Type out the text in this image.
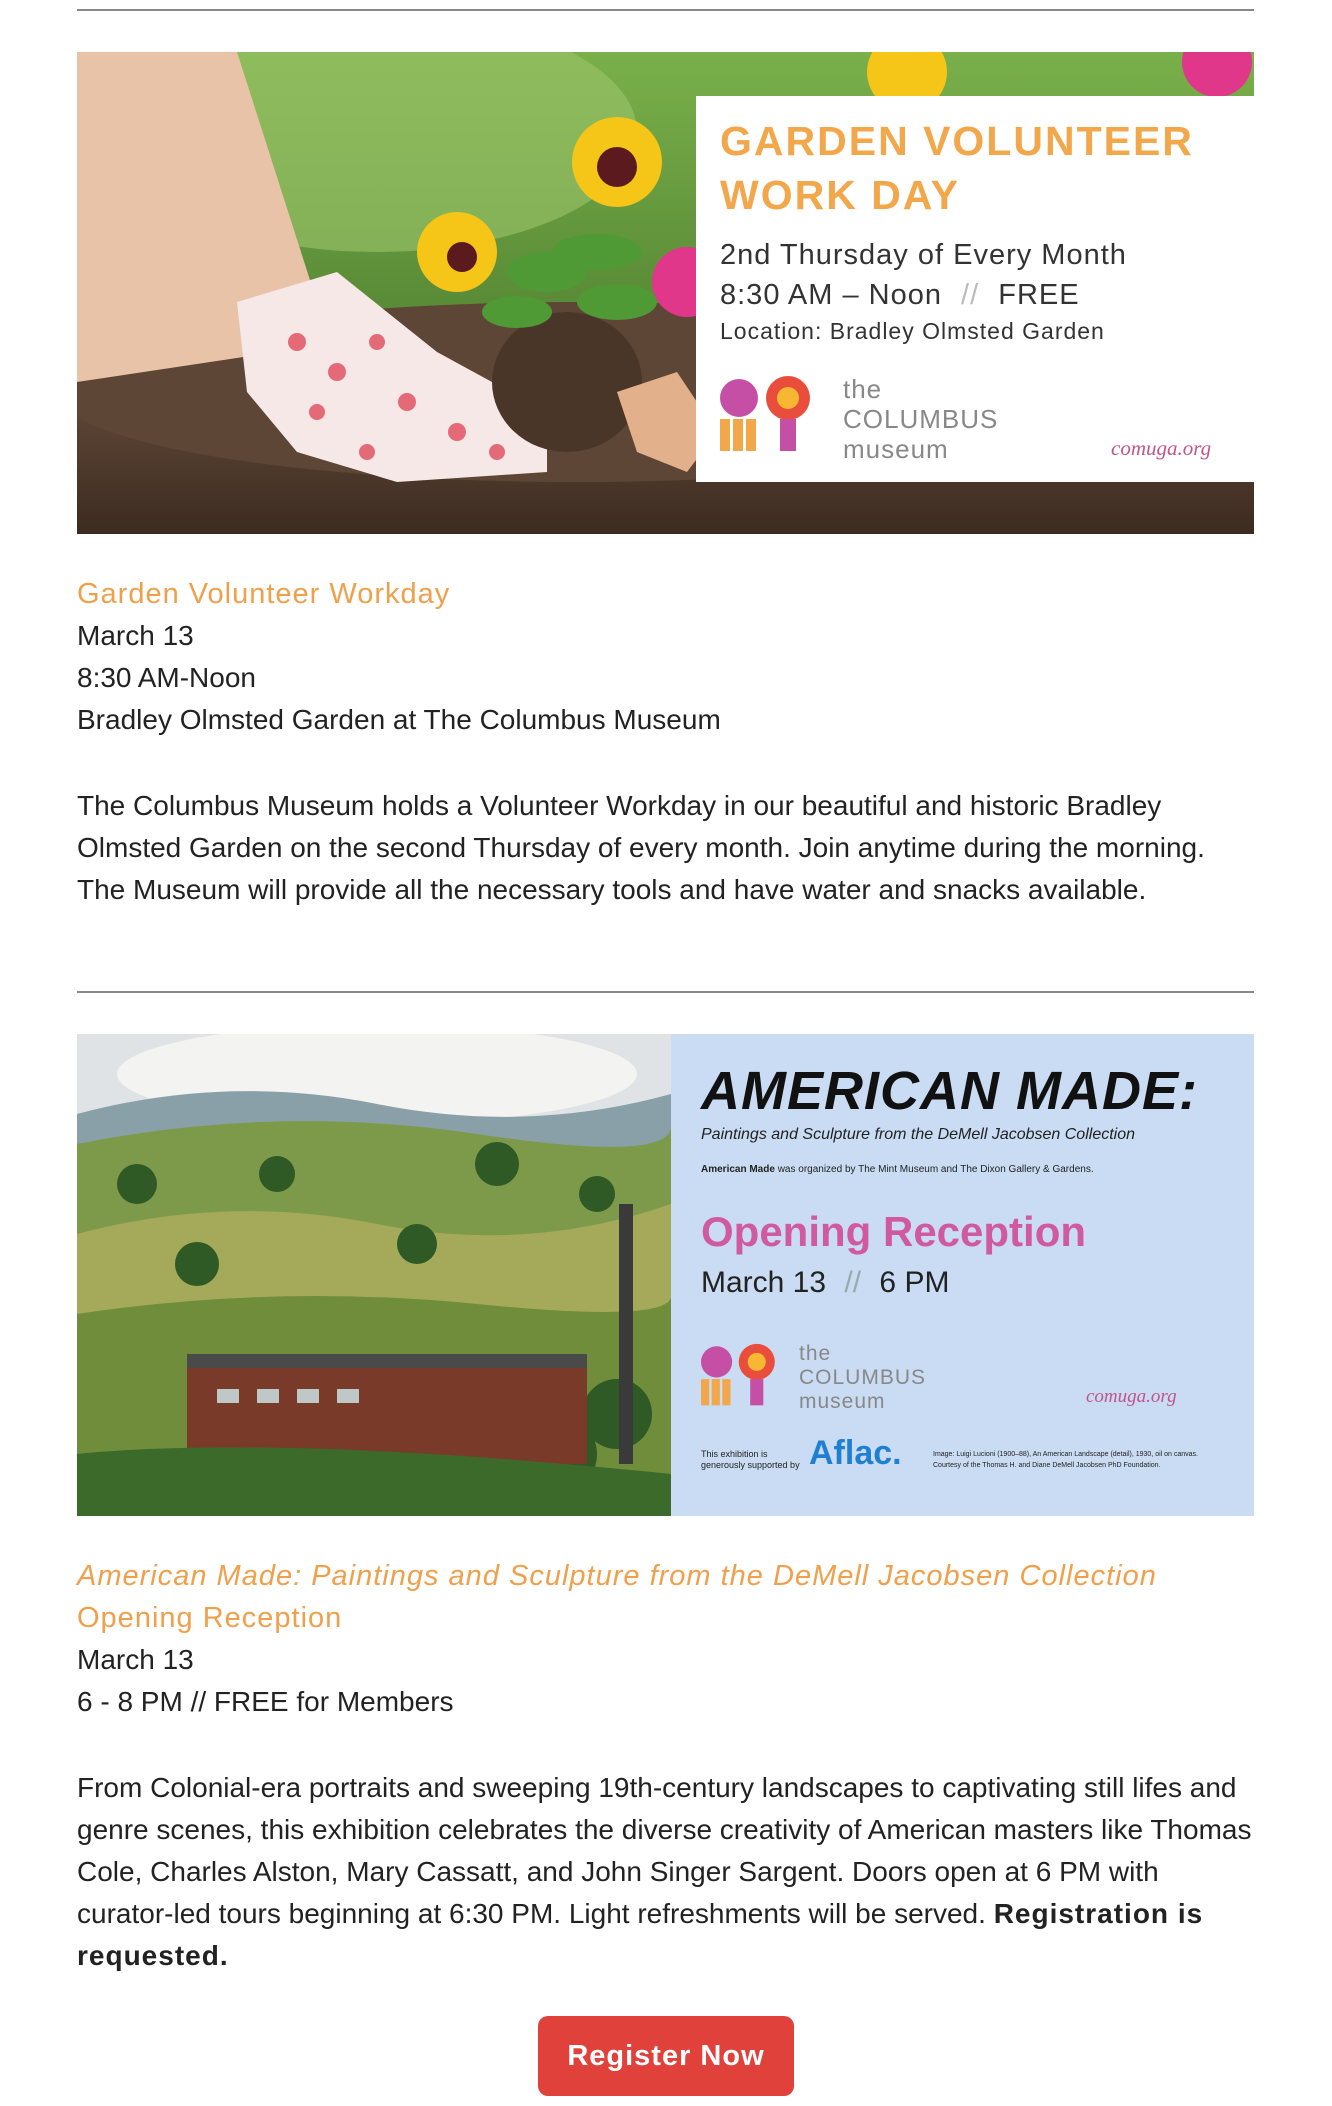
GARDEN VOLUNTEER
WORK DAY
2nd Thursday of Every Month
8:30 AM – Noon // FREE
Location: Bradley Olmsted Garden
the
COLUMBUS
museum	comuga.org
Garden Volunteer Workday
March 13
8:30 AM-Noon
Bradley Olmsted Garden at The Columbus Museum
The Columbus Museum holds a Volunteer Workday in our beautiful and historic Bradley Olmsted Garden on the second Thursday of every month. Join anytime during the morning. The Museum will provide all the necessary tools and have water and snacks available.
AMERICAN MADE:
Paintings and Sculpture from the DeMell Jacobsen Collection
American Made was organized by The Mint Museum and The Dixon Gallery & Gardens.
Opening Reception
March 13 // 6 PM
the
COLUMBUS
museum	comuga.org
This exhibition is
generously supported by Aflac.	Image: Luigi Lucioni (1900–88), An American Landscape (detail), 1930, oil on canvas.
Courtesy of the Thomas H. and Diane DeMell Jacobsen PhD Foundation.
American Made: Paintings and Sculpture from the DeMell Jacobsen Collection
Opening Reception
March 13
6 - 8 PM // FREE for Members
From Colonial-era portraits and sweeping 19th-century landscapes to captivating still lifes and genre scenes, this exhibition celebrates the diverse creativity of American masters like Thomas Cole, Charles Alston, Mary Cassatt, and John Singer Sargent. Doors open at 6 PM with curator-led tours beginning at 6:30 PM. Light refreshments will be served. Registration is requested.
Register Now
